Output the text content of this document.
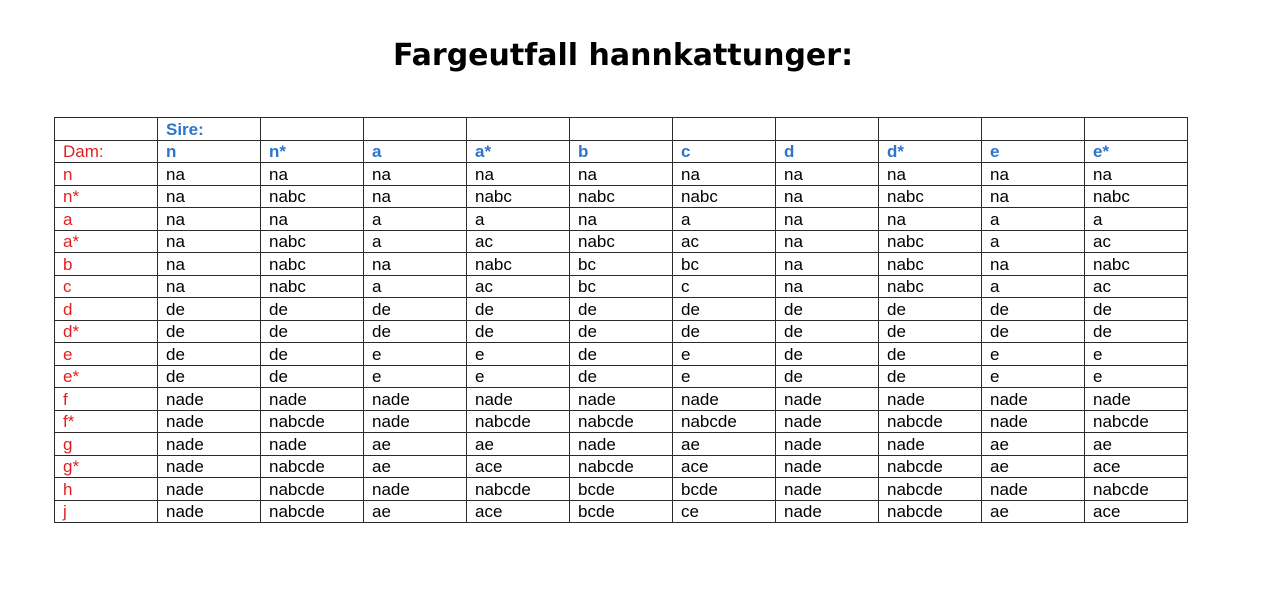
Fargeutfall hannkattunger:
	Sire:									
Dam:	n	n*	a	a*	b	c	d	d*	e	e*
n	na	na	na	na	na	na	na	na	na	na
n*	na	nabc	na	nabc	nabc	nabc	na	nabc	na	nabc
a	na	na	a	a	na	a	na	na	a	a
a*	na	nabc	a	ac	nabc	ac	na	nabc	a	ac
b	na	nabc	na	nabc	bc	bc	na	nabc	na	nabc
c	na	nabc	a	ac	bc	c	na	nabc	a	ac
d	de	de	de	de	de	de	de	de	de	de
d*	de	de	de	de	de	de	de	de	de	de
e	de	de	e	e	de	e	de	de	e	e
e*	de	de	e	e	de	e	de	de	e	e
f	nade	nade	nade	nade	nade	nade	nade	nade	nade	nade
f*	nade	nabcde	nade	nabcde	nabcde	nabcde	nade	nabcde	nade	nabcde
g	nade	nade	ae	ae	nade	ae	nade	nade	ae	ae
g*	nade	nabcde	ae	ace	nabcde	ace	nade	nabcde	ae	ace
h	nade	nabcde	nade	nabcde	bcde	bcde	nade	nabcde	nade	nabcde
j	nade	nabcde	ae	ace	bcde	ce	nade	nabcde	ae	ace
